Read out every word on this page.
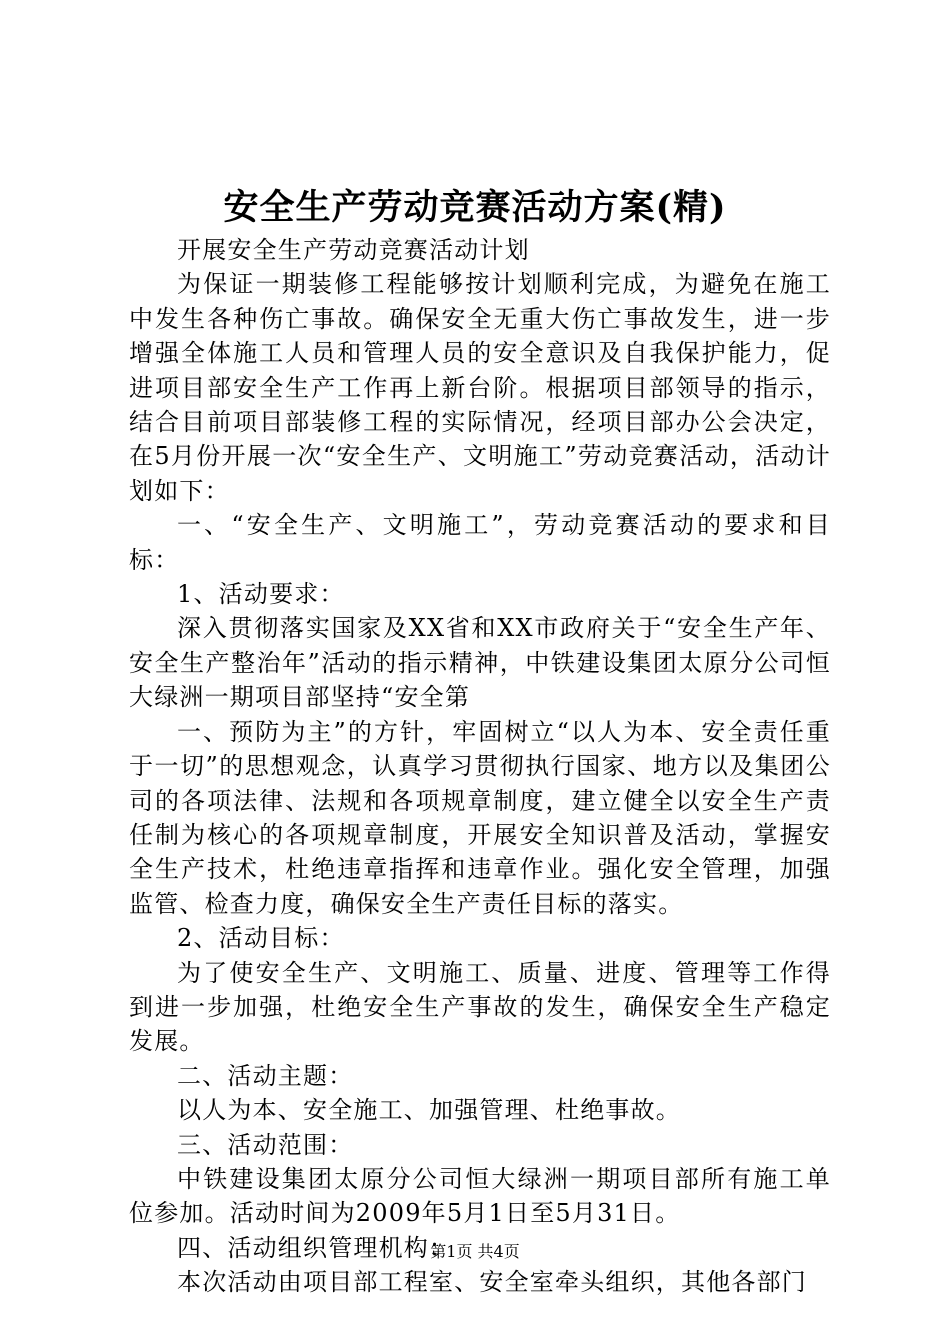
安全生产劳动竞赛活动方案(精)

开展安全生产劳动竞赛活动计划

为保证一期装修工程能够按计划顺利完成，为避免在施工中发生各种伤亡事故。确保安全无重大伤亡事故发生，进一步增强全体施工人员和管理人员的安全意识及自我保护能力，促进项目部安全生产工作再上新台阶。根据项目部领导的指示，结合目前项目部装修工程的实际情况，经项目部办公会决定，在5月份开展一次“安全生产、文明施工”劳动竞赛活动，活动计划如下：

一、“安全生产、文明施工”，劳动竞赛活动的要求和目标：

1、活动要求：

深入贯彻落实国家及XX省和XX市政府关于“安全生产年、安全生产整治年”活动的指示精神，中铁建设集团太原分公司恒大绿洲一期项目部坚持“安全第

一、预防为主”的方针，牢固树立“以人为本、安全责任重于一切”的思想观念，认真学习贯彻执行国家、地方以及集团公司的各项法律、法规和各项规章制度，建立健全以安全生产责任制为核心的各项规章制度，开展安全知识普及活动，掌握安全生产技术，杜绝违章指挥和违章作业。强化安全管理，加强监管、检查力度，确保安全生产责任目标的落实。

2、活动目标：

为了使安全生产、文明施工、质量、进度、管理等工作得到进一步加强，杜绝安全生产事故的发生，确保安全生产稳定发展。

二、活动主题：

以人为本、安全施工、加强管理、杜绝事故。

三、活动范围：

中铁建设集团太原分公司恒大绿洲一期项目部所有施工单位参加。活动时间为2009年5月1日至5月31日。

四、活动组织管理机构：

本次活动由项目部工程室、安全室牵头组织，其他各部门

第1页 共4页
